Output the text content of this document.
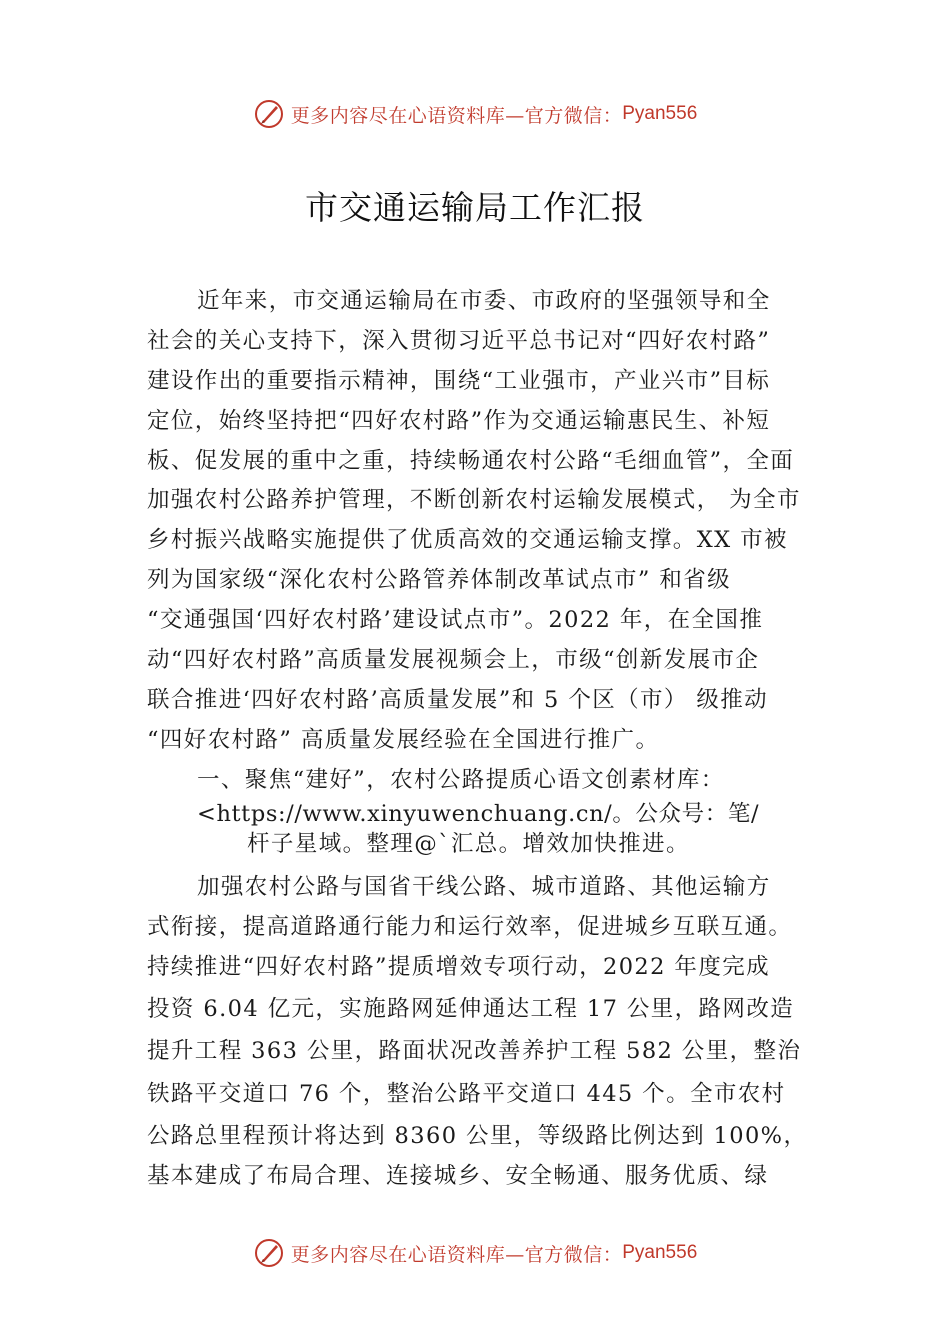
更多内容尽在心语资料库—官方微信： Pyan556
市交通运输局工作汇报
近年来，市交通运输局在市委、市政府的坚强领导和全
社会的关心支持下，深入贯彻习近平总书记对“四好农村路”
建设作出的重要指示精神，围绕“工业强市，产业兴市”目标
定位，始终坚持把“四好农村路”作为交通运输惠民生、补短
板、促发展的重中之重，持续畅通农村公路“毛细血管”，全面
加强农村公路养护管理，不断创新农村运输发展模式， 为全市
乡村振兴战略实施提供了优质高效的交通运输支撑。XX 市被
列为国家级“深化农村公路管养体制改革试点市” 和省级
“交通强国‘四好农村路’建设试点市”。2022 年，在全国推
动“四好农村路”高质量发展视频会上，市级“创新发展市企
联合推进‘四好农村路’高质量发展”和 5 个区（市） 级推动
“四好农村路” 高质量发展经验在全国进行推广。
一、聚焦“建好”，农村公路提质心语文创素材库：
<https://www.xinyuwenchuang.cn/。公众号：笔/
杆子星域。整理@`汇总。增效加快推进。
加强农村公路与国省干线公路、城市道路、其他运输方
式衔接，提高道路通行能力和运行效率，促进城乡互联互通。
持续推进“四好农村路”提质增效专项行动，2022 年度完成
投资 6.04 亿元，实施路网延伸通达工程 17 公里，路网改造
提升工程 363 公里，路面状况改善养护工程 582 公里，整治
铁路平交道口 76 个，整治公路平交道口 445 个。全市农村
公路总里程预计将达到 8360 公里，等级路比例达到 100%，
基本建成了布局合理、连接城乡、安全畅通、服务优质、绿
更多内容尽在心语资料库—官方微信： Pyan556
